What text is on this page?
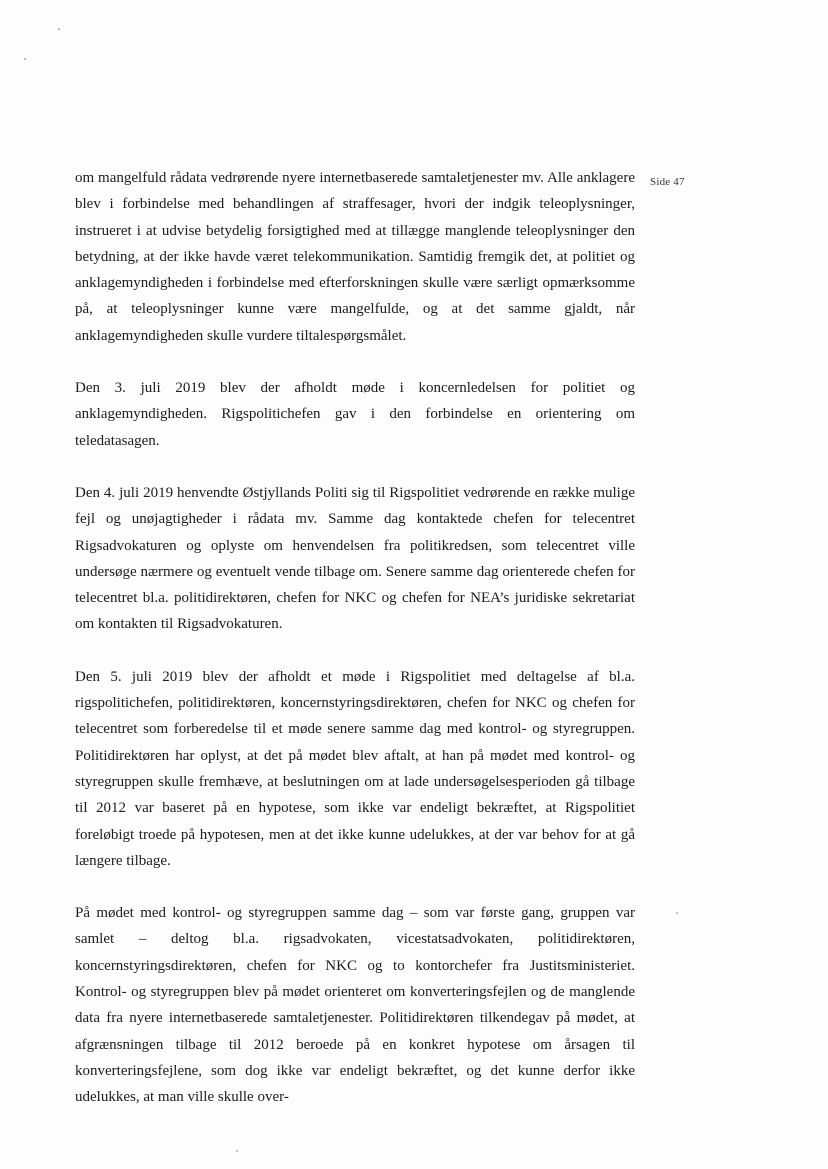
Side 47

om mangelfuld rådata vedrørende nyere internetbaserede samtaletjenester mv. Alle anklagere blev i forbindelse med behandlingen af straffesager, hvori der indgik teleoplysninger, instrueret i at udvise betydelig forsigtighed med at tillægge manglende teleoplysninger den betydning, at der ikke havde været telekommunikation. Samtidig fremgik det, at politiet og anklagemyndigheden i forbindelse med efterforskningen skulle være særligt opmærksomme på, at teleoplysninger kunne være mangelfulde, og at det samme gjaldt, når anklagemyndigheden skulle vurdere tiltalespørgsmålet.

Den 3. juli 2019 blev der afholdt møde i koncernledelsen for politiet og anklagemyndigheden. Rigspolitichefen gav i den forbindelse en orientering om teledatasagen.

Den 4. juli 2019 henvendte Østjyllands Politi sig til Rigspolitiet vedrørende en række mulige fejl og unøjagtigheder i rådata mv. Samme dag kontaktede chefen for telecentret Rigsadvokaturen og oplyste om henvendelsen fra politikredsen, som telecentret ville undersøge nærmere og eventuelt vende tilbage om. Senere samme dag orienterede chefen for telecentret bl.a. politidirektøren, chefen for NKC og chefen for NEA’s juridiske sekretariat om kontakten til Rigsadvokaturen.

Den 5. juli 2019 blev der afholdt et møde i Rigspolitiet med deltagelse af bl.a. rigspolitichefen, politidirektøren, koncernstyringsdirektøren, chefen for NKC og chefen for telecentret som forberedelse til et møde senere samme dag med kontrol- og styregruppen. Politidirektøren har oplyst, at det på mødet blev aftalt, at han på mødet med kontrol- og styregruppen skulle fremhæve, at beslutningen om at lade undersøgelsesperioden gå tilbage til 2012 var baseret på en hypotese, som ikke var endeligt bekræftet, at Rigspolitiet foreløbigt troede på hypotesen, men at det ikke kunne udelukkes, at der var behov for at gå længere tilbage.

På mødet med kontrol- og styregruppen samme dag – som var første gang, gruppen var samlet – deltog bl.a. rigsadvokaten, vicestatsadvokaten, politidirektøren, koncernstyringsdirektøren, chefen for NKC og to kontorchefer fra Justitsministeriet. Kontrol- og styregruppen blev på mødet orienteret om konverteringsfejlen og de manglende data fra nyere internetbaserede samtaletjenester. Politidirektøren tilkendegav på mødet, at afgrænsningen tilbage til 2012 beroede på en konkret hypotese om årsagen til konverteringsfejlene, som dog ikke var endeligt bekræftet, og det kunne derfor ikke udelukkes, at man ville skulle over-
